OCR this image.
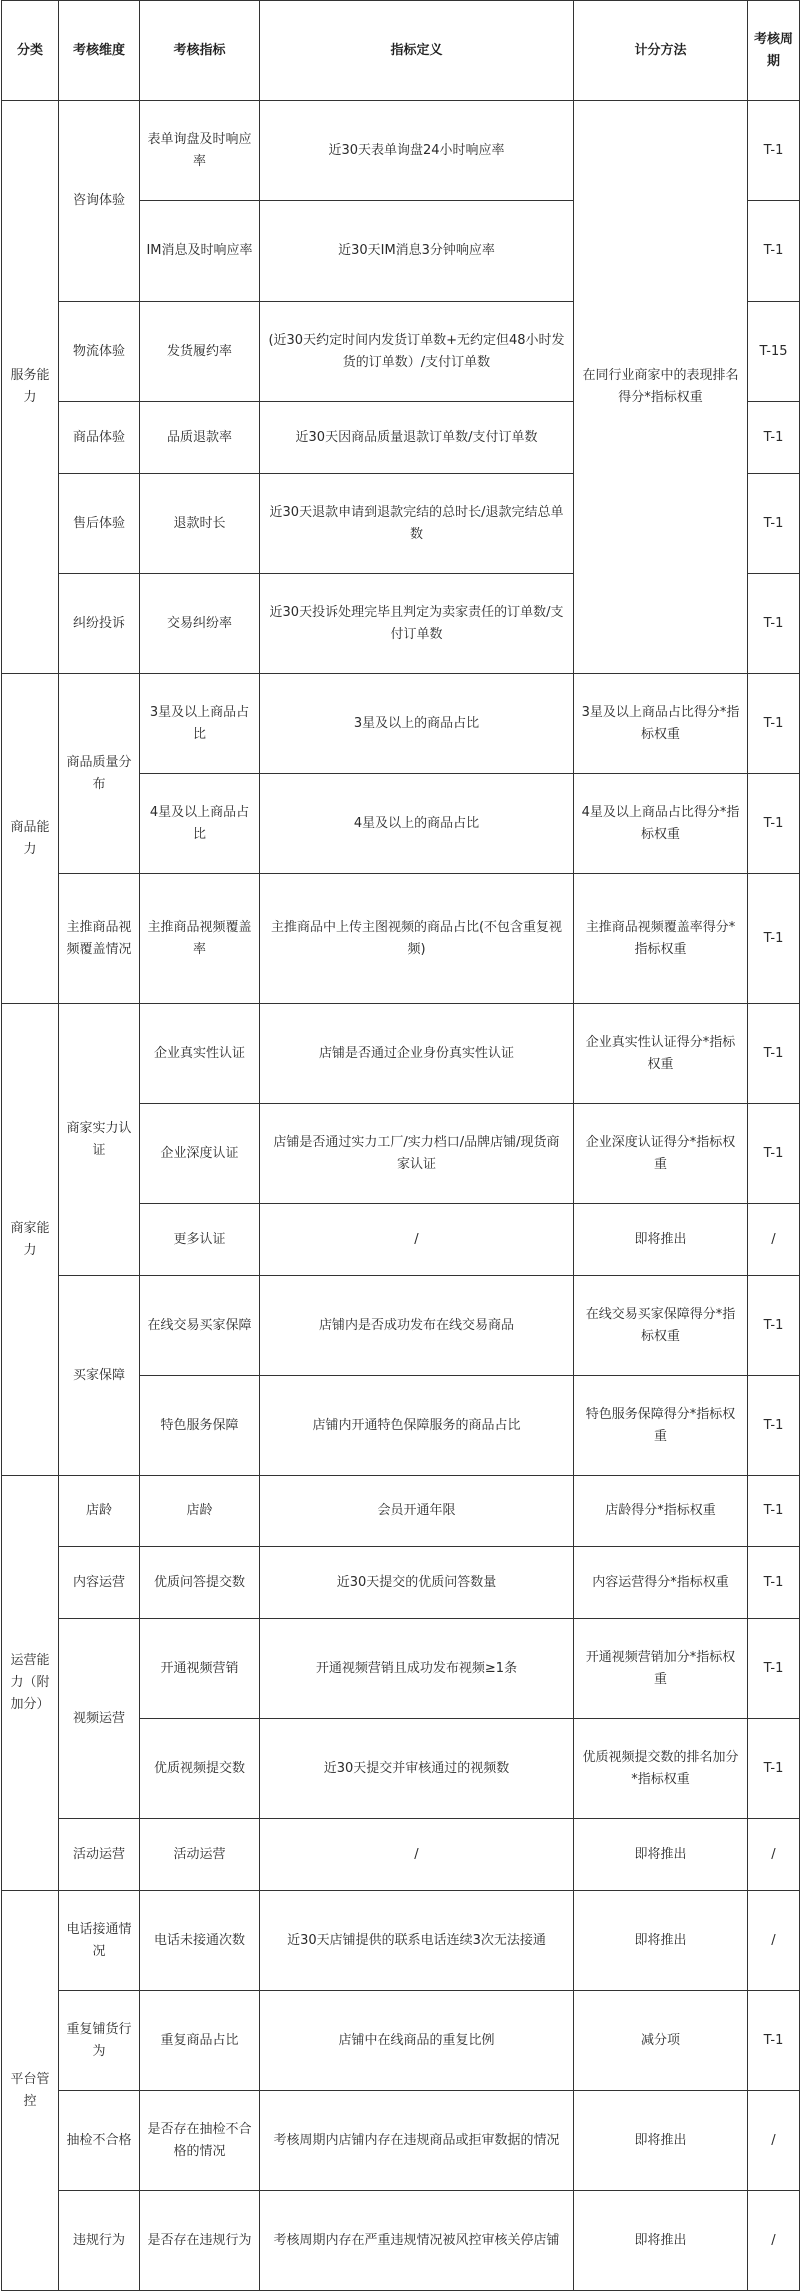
分类	考核维度	考核指标	指标定义	计分方法	考核周期
服务能力	咨询体验	表单询盘及时响应率	近30天表单询盘24小时响应率	在同行业商家中的表现排名得分*指标权重	T-1
		IM消息及时响应率	近30天IM消息3分钟响应率		T-1
	物流体验	发货履约率	(近30天约定时间内发货订单数+无约定但48小时发货的订单数）/支付订单数		T-15
	商品体验	品质退款率	近30天因商品质量退款订单数/支付订单数		T-1
	售后体验	退款时长	近30天退款申请到退款完结的总时长/退款完结总单数		T-1
	纠纷投诉	交易纠纷率	近30天投诉处理完毕且判定为卖家责任的订单数/支付订单数		T-1
商品能力	商品质量分布	3星及以上商品占比	3星及以上的商品占比	3星及以上商品占比得分*指标权重	T-1
		4星及以上商品占比	4星及以上的商品占比	4星及以上商品占比得分*指标权重	T-1
	主推商品视频覆盖情况	主推商品视频覆盖率	主推商品中上传主图视频的商品占比(不包含重复视频)	主推商品视频覆盖率得分*指标权重	T-1
商家能力	商家实力认证	企业真实性认证	店铺是否通过企业身份真实性认证	企业真实性认证得分*指标权重	T-1
		企业深度认证	店铺是否通过实力工厂/实力档口/品牌店铺/现货商家认证	企业深度认证得分*指标权重	T-1
		更多认证	/	即将推出	/
	买家保障	在线交易买家保障	店铺内是否成功发布在线交易商品	在线交易买家保障得分*指标权重	T-1
		特色服务保障	店铺内开通特色保障服务的商品占比	特色服务保障得分*指标权重	T-1
运营能力（附加分）	店龄	店龄	会员开通年限	店龄得分*指标权重	T-1
	内容运营	优质问答提交数	近30天提交的优质问答数量	内容运营得分*指标权重	T-1
	视频运营	开通视频营销	开通视频营销且成功发布视频≥1条	开通视频营销加分*指标权重	T-1
		优质视频提交数	近30天提交并审核通过的视频数	优质视频提交数的排名加分*指标权重	T-1
	活动运营	活动运营	/	即将推出	/
平台管控	电话接通情况	电话未接通次数	近30天店铺提供的联系电话连续3次无法接通	即将推出	/
	重复铺货行为	重复商品占比	店铺中在线商品的重复比例	减分项	T-1
	抽检不合格	是否存在抽检不合格的情况	考核周期内店铺内存在违规商品或拒审数据的情况	即将推出	/
	违规行为	是否存在违规行为	考核周期内存在严重违规情况被风控审核关停店铺	即将推出	/
